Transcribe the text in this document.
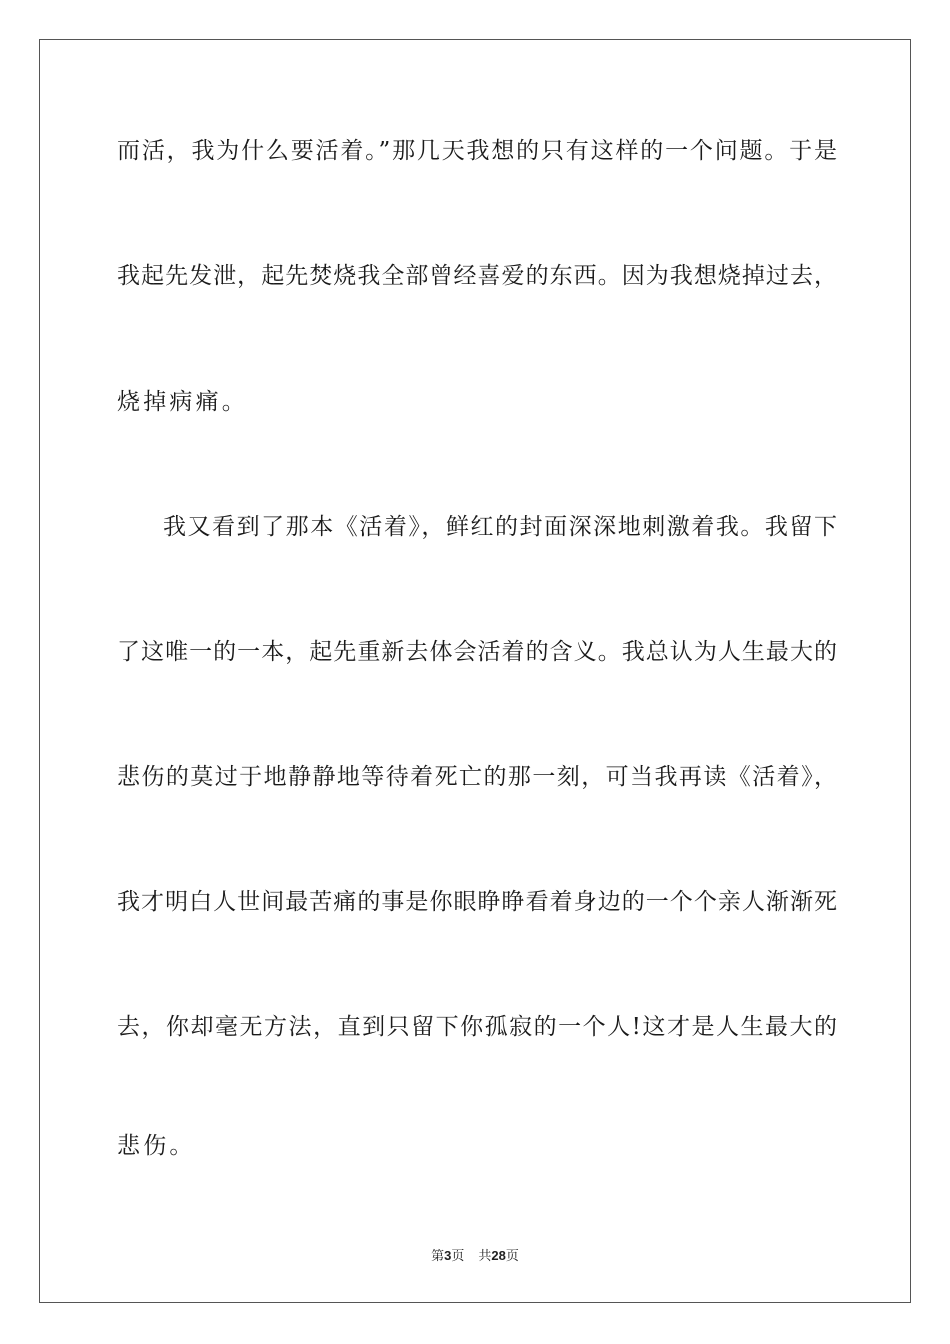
而活，我为什么要活着。”那几天我想的只有这样的一个问题。于是
我起先发泄，起先焚烧我全部曾经喜爱的东西。因为我想烧掉过去，
烧掉病痛。
我又看到了那本《活着》，鲜红的封面深深地刺激着我。我留下
了这唯一的一本，起先重新去体会活着的含义。我总认为人生最大的
悲伤的莫过于地静静地等待着死亡的那一刻，可当我再读《活着》，
我才明白人世间最苦痛的事是你眼睁睁看着身边的一个个亲人渐渐死
去，你却毫无方法，直到只留下你孤寂的一个人!这才是人生最大的
悲伤。
第3页 共28页
